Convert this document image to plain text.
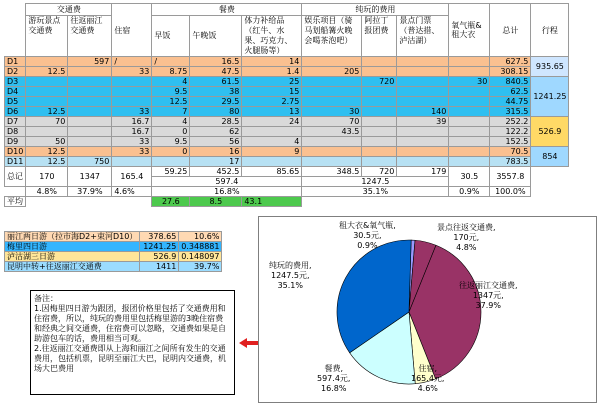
	交通费		住宿	餐费			纯玩的费用			氧气瓶&租大衣	总计	行程
	游玩景点交通费	往返丽江交通费		早饭	午晚饭	体力补给品（红牛、水果、巧克力、火腿肠等）	娱乐项目（骑马划船篝火晚会喝茶泡吧）	阿拉丁报团费	景点门票（普达措、泸沽湖）			

D1		597	/	/	16.5	14					627.5	935.65
D2	12.5		33	8.75	47.5	1.4	205				308.15	
D3				4	61.5	25		720		30	840.5	1241.25
D4				9.5	38	15					62.5	
D5				12.5	29.5	2.75					44.75	
D6	12.5		33	7	80	13	30		140		315.5	
D7	70		16.7	4	28.5	24	70		39		252.2	526.9
D8			16.7	0	62		43.5				122.2	
D9	50		33	9.5	56	4					152.5	
D10	12.5		33	0	16	9					70.5	854
D11	12.5	750			17						783.5	
总记	170	1347	165.4	59.25	452.5	85.65	348.5	720	179	30.5	3557.8	
				597.4			1247.5					
	4.8%	37.9%	4.6%	16.8%			35.1%			0.9%	100.0%	
平均				27.6	8.5	43.1						
丽江两日游（拉市海D2+束河D10）	378.65	10.6%
梅里四日游	1241.25	0.348881
泸沽湖三日游	526.9	0.148097
昆明中转+往返丽江交通费	1411	39.7%
备注：
1.因梅里四日游为跟团，报团价格里包括了交通费用和住宿费，所以，纯玩的费用里包括梅里游的3晚住宿费和经典之间交通费，住宿费可以忽略，交通费如果是自助游包车的话，费用相当可观。
2.往返丽江交通费即从上海和丽江之间所有发生的交通费用，包括机票，昆明至丽江大巴，昆明内交通费，机场大巴费用
租大衣&氧气瓶,
30.5元,
0.9%
景点往返交通费,
170元,
4.8%
往返丽江交通费,
1347元,
37.9%
住宿,
165.4元,
4.6%
餐费,
597.4元,
16.8%
纯玩的费用,
1247.5元,
35.1%
